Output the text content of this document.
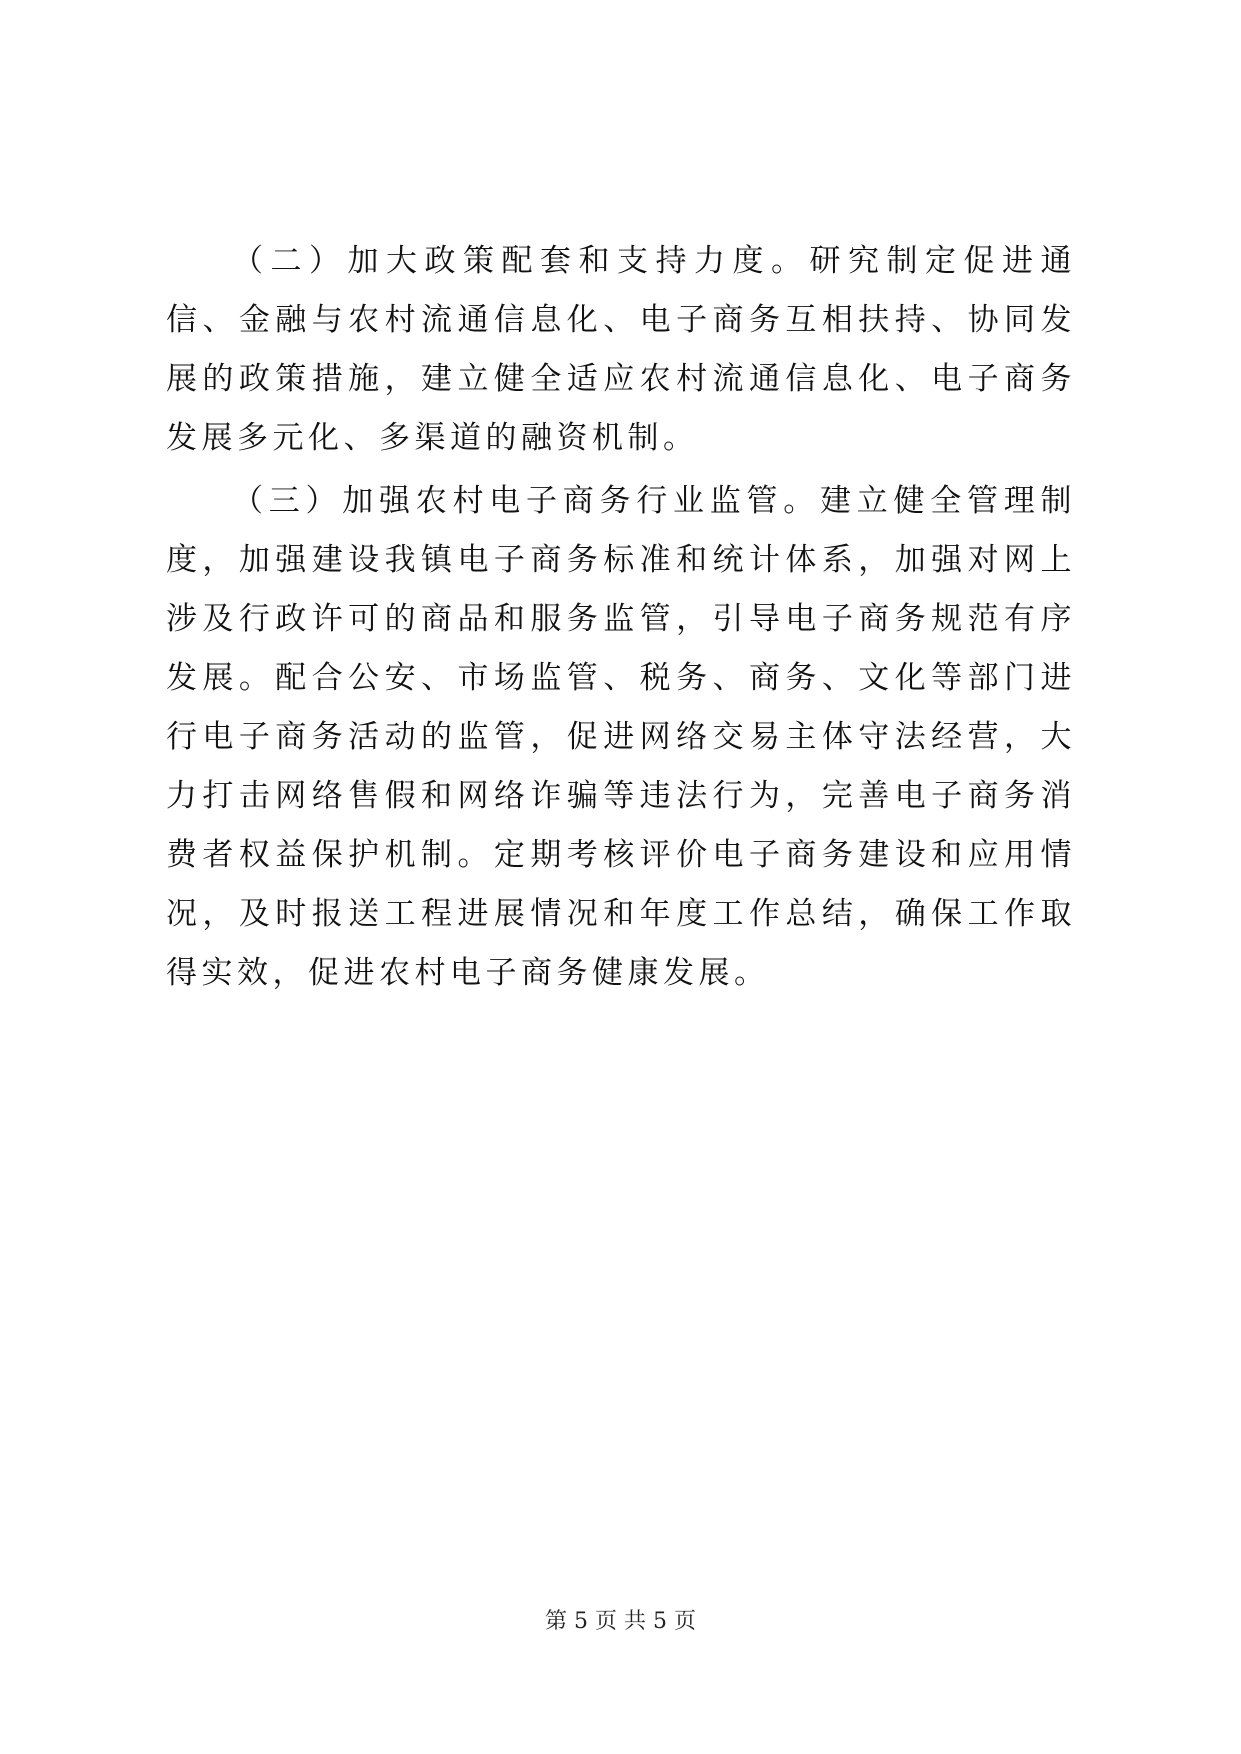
（二）加大政策配套和支持力度。研究制定促进通信、金融与农村流通信息化、电子商务互相扶持、协同发展的政策措施，建立健全适应农村流通信息化、电子商务发展多元化、多渠道的融资机制。

（三）加强农村电子商务行业监管。建立健全管理制度，加强建设我镇电子商务标准和统计体系，加强对网上涉及行政许可的商品和服务监管，引导电子商务规范有序发展。配合公安、市场监管、税务、商务、文化等部门进行电子商务活动的监管，促进网络交易主体守法经营，大力打击网络售假和网络诈骗等违法行为，完善电子商务消费者权益保护机制。定期考核评价电子商务建设和应用情况，及时报送工程进展情况和年度工作总结，确保工作取得实效，促进农村电子商务健康发展。

第 5 页 共 5 页
